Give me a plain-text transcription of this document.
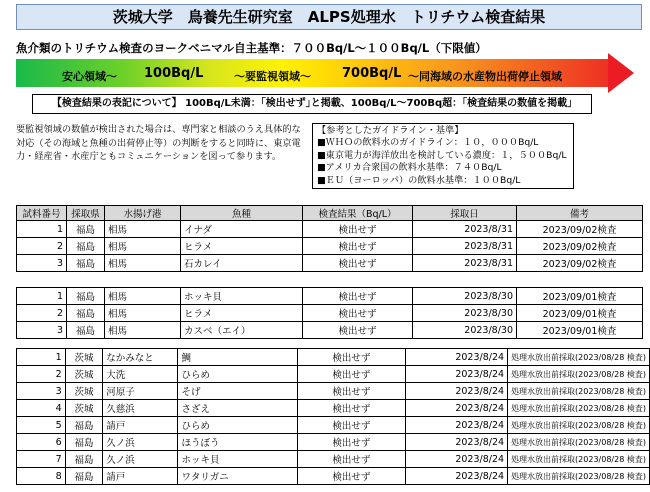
茨城大学　鳥養先生研究室　ALPS処理水　トリチウム検査結果
魚介類のトリチウム検査のヨークベニマル自主基準：７００Bq/L～１００Bq/L（下限値）
安心領域～ 100Bq/L	～要監視領域～ 700Bq/L ～同海域の水産物出荷停止領域
【検査結果の表記について】 100Bq/L未満：｢検出せず｣と掲載、100Bq/L～700Bq超：｢検査結果の数値を掲載｣
要監視領域の数値が検出された場合は、専門家と相談のうえ具体的な対応（その海域と魚種の出荷停止等）の判断をすると同時に、東京電力・経産省・水産庁ともコミュニケーションを図って参ります。
【参考としたガイドライン・基準】
■ＷＨＯの飲料水のガイドライン：１０，０００Bq/L
■東京電力が海洋放出を検討している濃度：１，５００Bq/L
■アメリカ合衆国の飲料水基準：７４０Bq/L
■ＥＵ（ヨーロッパ）の飲料水基準：１００Bq/L
試料番号	採取県	水揚げ港	魚種	検査結果（Bq/L）	採取日	備考
1	福島	相馬	イナダ	検出せず	2023/8/31	2023/09/02検査
2	福島	相馬	ヒラメ	検出せず	2023/8/31	2023/09/02検査
3	福島	相馬	石カレイ	検出せず	2023/8/31	2023/09/02検査
1	福島	相馬	ホッキ貝	検出せず	2023/8/30	2023/09/01検査
2	福島	相馬	ヒラメ	検出せず	2023/8/30	2023/09/01検査
3	福島	相馬	カスベ（エイ）	検出せず	2023/8/30	2023/09/01検査
1	茨城	なかみなと	鯛	検出せず	2023/8/24	処理水放出前採取(2023/08/28 検査)
2	茨城	大洗	ひらめ	検出せず	2023/8/24	処理水放出前採取(2023/08/28 検査)
3	茨城	河原子	そげ	検出せず	2023/8/24	処理水放出前採取(2023/08/28 検査)
4	茨城	久慈浜	さざえ	検出せず	2023/8/24	処理水放出前採取(2023/08/28 検査)
5	福島	請戸	ひらめ	検出せず	2023/8/24	処理水放出前採取(2023/08/28 検査)
6	福島	久ノ浜	ほうぼう	検出せず	2023/8/24	処理水放出前採取(2023/08/28 検査)
7	福島	久ノ浜	ホッキ貝	検出せず	2023/8/24	処理水放出前採取(2023/08/28 検査)
8	福島	請戸	ワタリガニ	検出せず	2023/8/24	処理水放出前採取(2023/08/28 検査)
